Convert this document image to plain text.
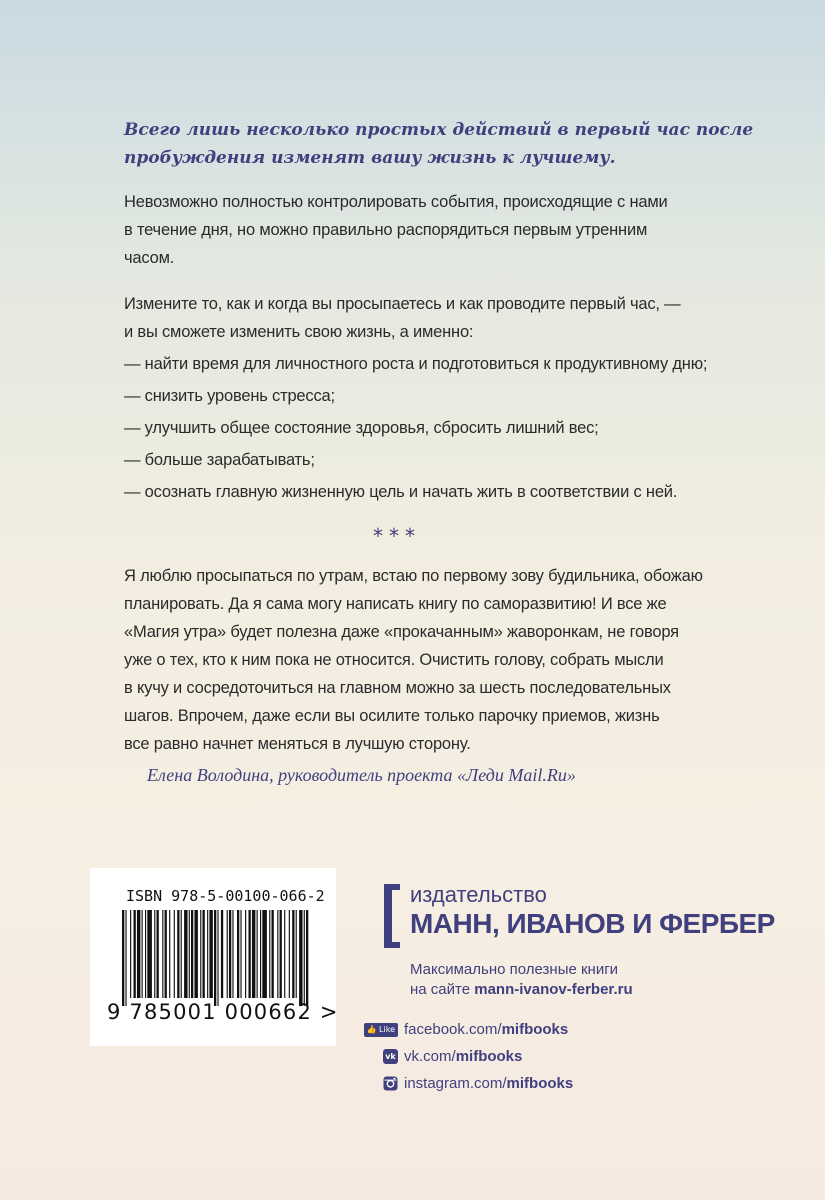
Всего лишь несколько простых действий в первый час после
пробуждения изменят вашу жизнь к лучшему.

Невозможно полностью контролировать события, происходящие с нами
в течение дня, но можно правильно распорядиться первым утренним
часом.

Измените то, как и когда вы просыпаетесь и как проводите первый час, —
и вы сможете изменить свою жизнь, а именно:

— найти время для личностного роста и подготовиться к продуктивному дню;
— снизить уровень стресса;
— улучшить общее состояние здоровья, сбросить лишний вес;
— больше зарабатывать;
— осознать главную жизненную цель и начать жить в соответствии с ней.
***

Я люблю просыпаться по утрам, встаю по первому зову будильника, обожаю
планировать. Да я сама могу написать книгу по саморазвитию! И все же
«Магия утра» будет полезна даже «прокачанным» жаворонкам, не говоря
уже о тех, кто к ним пока не относится. Очистить голову, собрать мысли
в кучу и сосредоточиться на главном можно за шесть последовательных
шагов. Впрочем, даже если вы осилите только парочку приемов, жизнь
все равно начнет меняться в лучшую сторону.

Елена Володина, руководитель проекта «Леди Mail.Ru»
ISBN 978-5-00100-066-2
9 785001 000662 >
издательство
МАНН, ИВАНОВ И ФЕРБЕР
Максимально полезные книги
на сайте mann-ivanov-ferber.ru
👍 Like facebook.com/mifbooks
vk vk.com/mifbooks
instagram.com/mifbooks
